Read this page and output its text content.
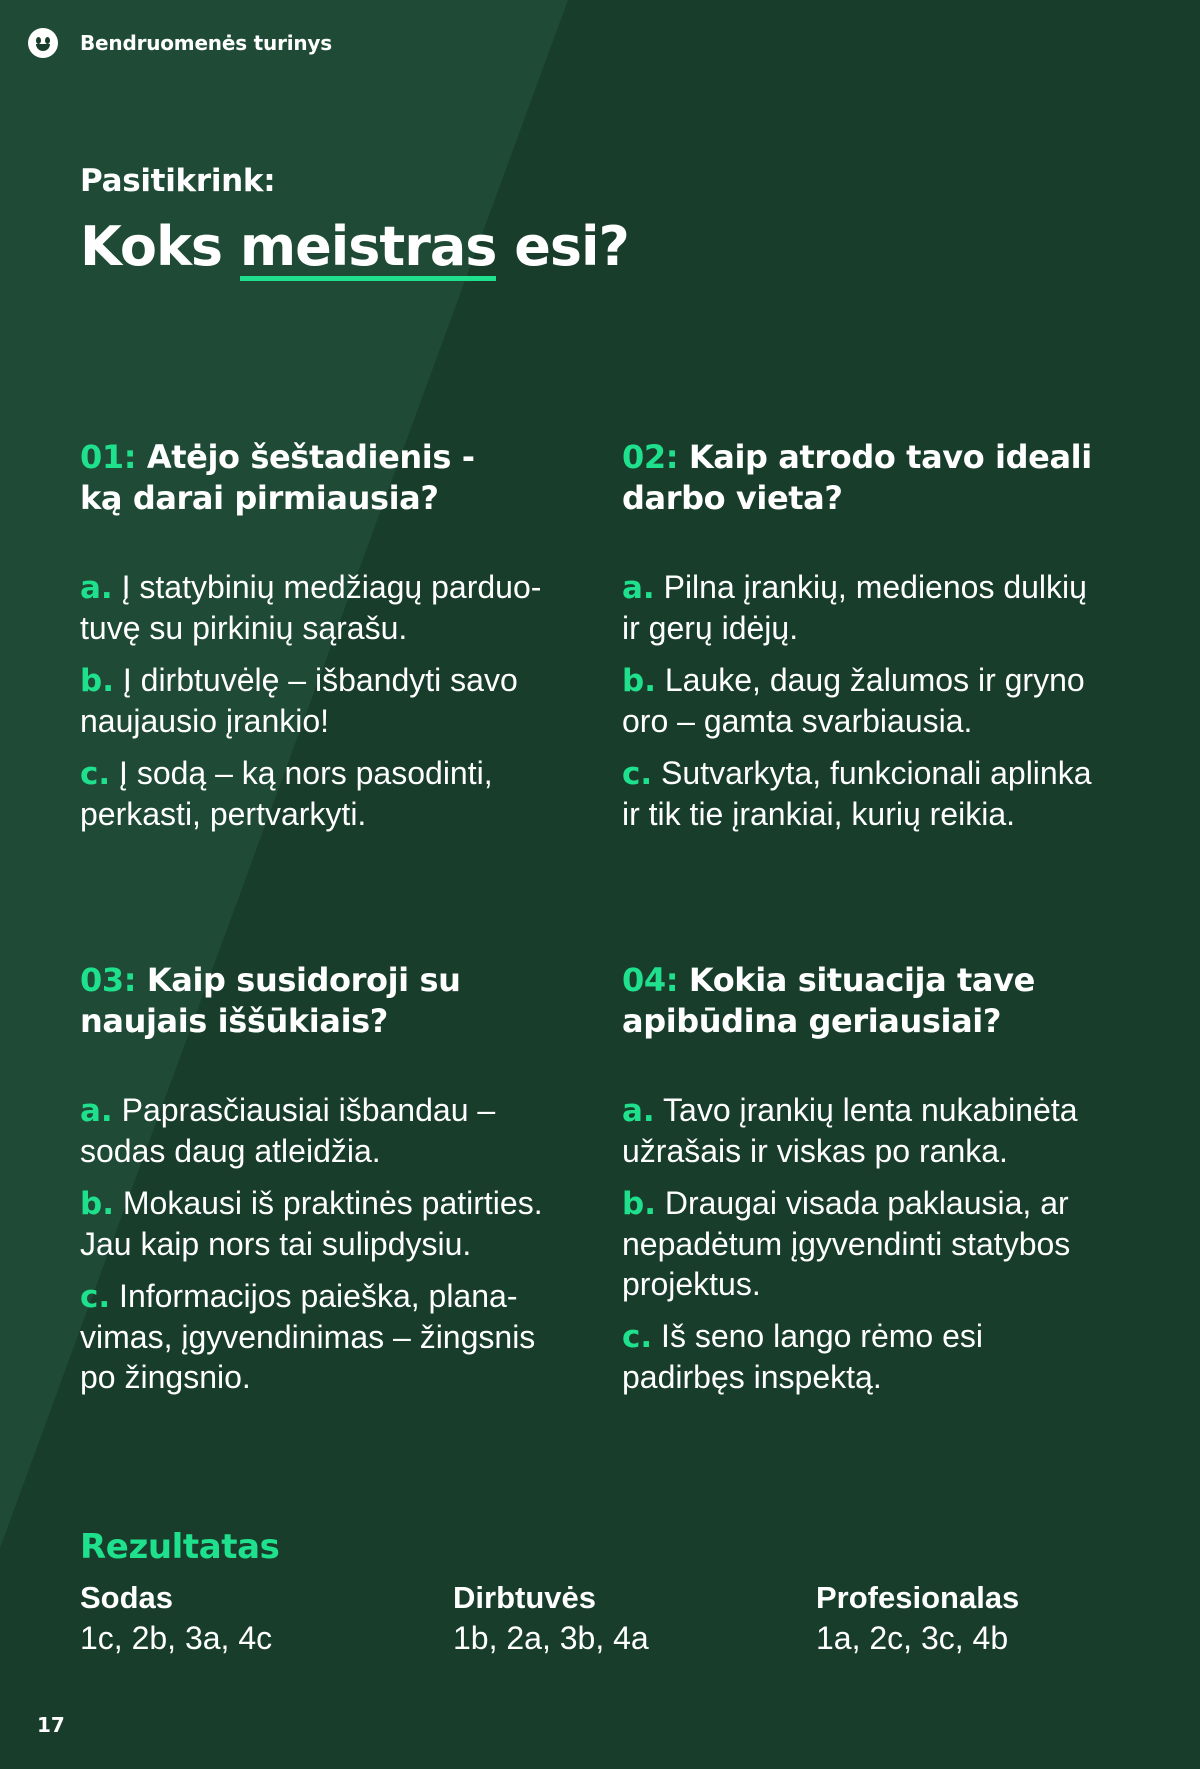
Bendruomenės turinys
Pasitikrink:
Koks meistras esi?
01: Atėjo šeštadienis -
ką darai pirmiausia?
a. Į statybinių medžiagų parduo-
tuvę su pirkinių sąrašu.
b. Į dirbtuvėlę – išbandyti savo
naujausio įrankio!
c. Į sodą – ką nors pasodinti,
perkasti, pertvarkyti.
02: Kaip atrodo tavo ideali
darbo vieta?
a. Pilna įrankių, medienos dulkių
ir gerų idėjų.
b. Lauke, daug žalumos ir gryno
oro – gamta svarbiausia.
c. Sutvarkyta, funkcionali aplinka
ir tik tie įrankiai, kurių reikia.
03: Kaip susidoroji su
naujais iššūkiais?
a. Paprasčiausiai išbandau –
sodas daug atleidžia.
b. Mokausi iš praktinės patirties.
Jau kaip nors tai sulipdysiu.
c. Informacijos paieška, plana-
vimas, įgyvendinimas – žingsnis
po žingsnio.
04: Kokia situacija tave
apibūdina geriausiai?
a. Tavo įrankių lenta nukabinėta
užrašais ir viskas po ranka.
b. Draugai visada paklausia, ar
nepadėtum įgyvendinti statybos
projektus.
c. Iš seno lango rėmo esi
padirbęs inspektą.
Rezultatas
Sodas
1c, 2b, 3a, 4c
Dirbtuvės
1b, 2a, 3b, 4a
Profesionalas
1a, 2c, 3c, 4b
17
